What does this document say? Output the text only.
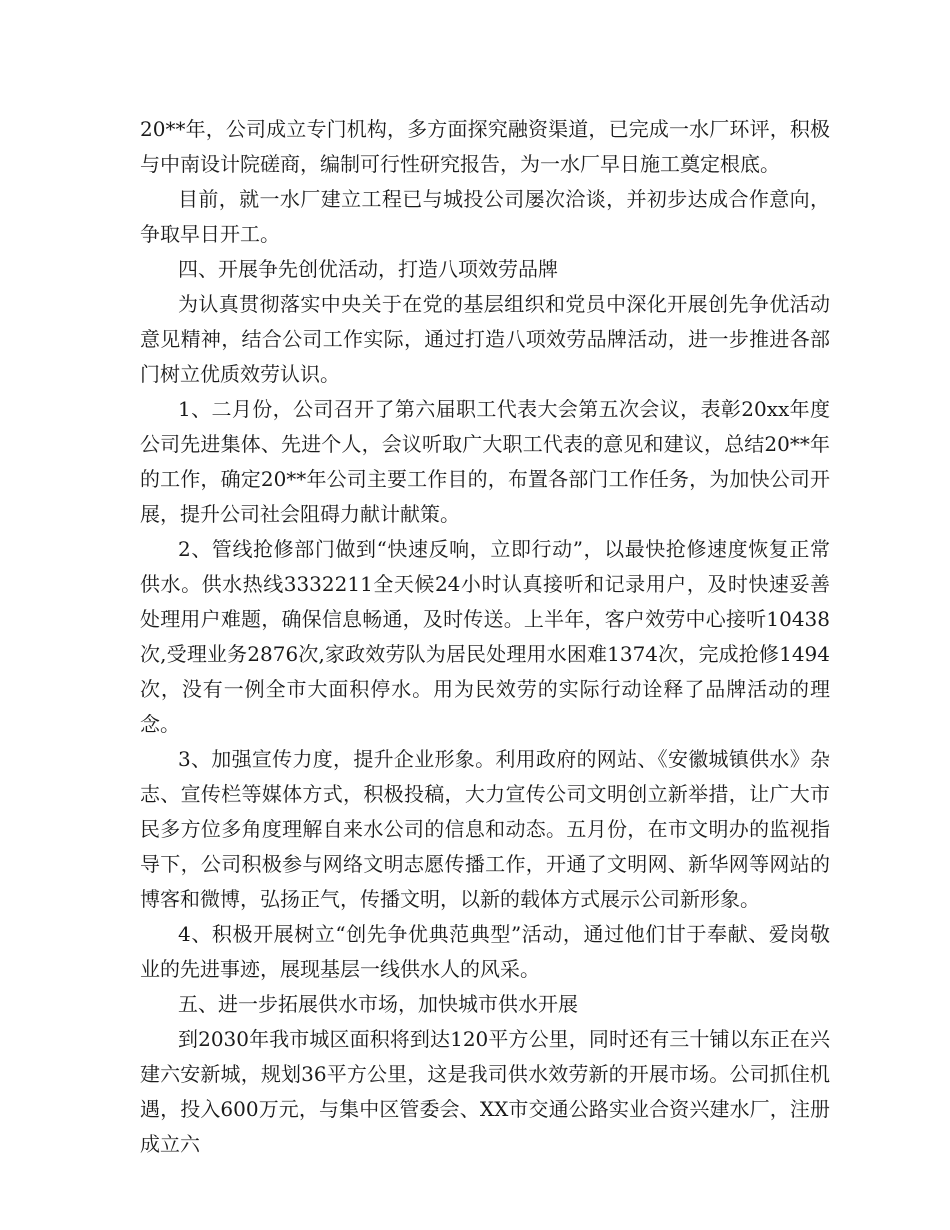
20**年，公司成立专门机构，多方面探究融资渠道，已完成一水厂环评，积极与中南设计院磋商，编制可行性研究报告，为一水厂早日施工奠定根底。

目前，就一水厂建立工程已与城投公司屡次洽谈，并初步达成合作意向，争取早日开工。

四、开展争先创优活动，打造八项效劳品牌

为认真贯彻落实中央关于在党的基层组织和党员中深化开展创先争优活动意见精神，结合公司工作实际，通过打造八项效劳品牌活动，进一步推进各部门树立优质效劳认识。

1、二月份，公司召开了第六届职工代表大会第五次会议，表彰20xx年度公司先进集体、先进个人，会议听取广大职工代表的意见和建议，总结20**年的工作，确定20**年公司主要工作目的，布置各部门工作任务，为加快公司开展，提升公司社会阻碍力献计献策。

2、管线抢修部门做到“快速反响，立即行动”，以最快抢修速度恢复正常供水。供水热线3332211全天候24小时认真接听和记录用户，及时快速妥善处理用户难题，确保信息畅通，及时传送。上半年，客户效劳中心接听10438次,受理业务2876次,家政效劳队为居民处理用水困难1374次，完成抢修1494次，没有一例全市大面积停水。用为民效劳的实际行动诠释了品牌活动的理念。

3、加强宣传力度，提升企业形象。利用政府的网站、《安徽城镇供水》杂志、宣传栏等媒体方式，积极投稿，大力宣传公司文明创立新举措，让广大市民多方位多角度理解自来水公司的信息和动态。五月份，在市文明办的监视指导下，公司积极参与网络文明志愿传播工作，开通了文明网、新华网等网站的博客和微博，弘扬正气，传播文明，以新的载体方式展示公司新形象。

4、积极开展树立“创先争优典范典型”活动，通过他们甘于奉献、爱岗敬业的先进事迹，展现基层一线供水人的风采。

五、进一步拓展供水市场，加快城市供水开展

到2030年我市城区面积将到达120平方公里，同时还有三十铺以东正在兴建六安新城，规划36平方公里，这是我司供水效劳新的开展市场。公司抓住机遇，投入600万元，与集中区管委会、XX市交通公路实业合资兴建水厂，注册成立六
